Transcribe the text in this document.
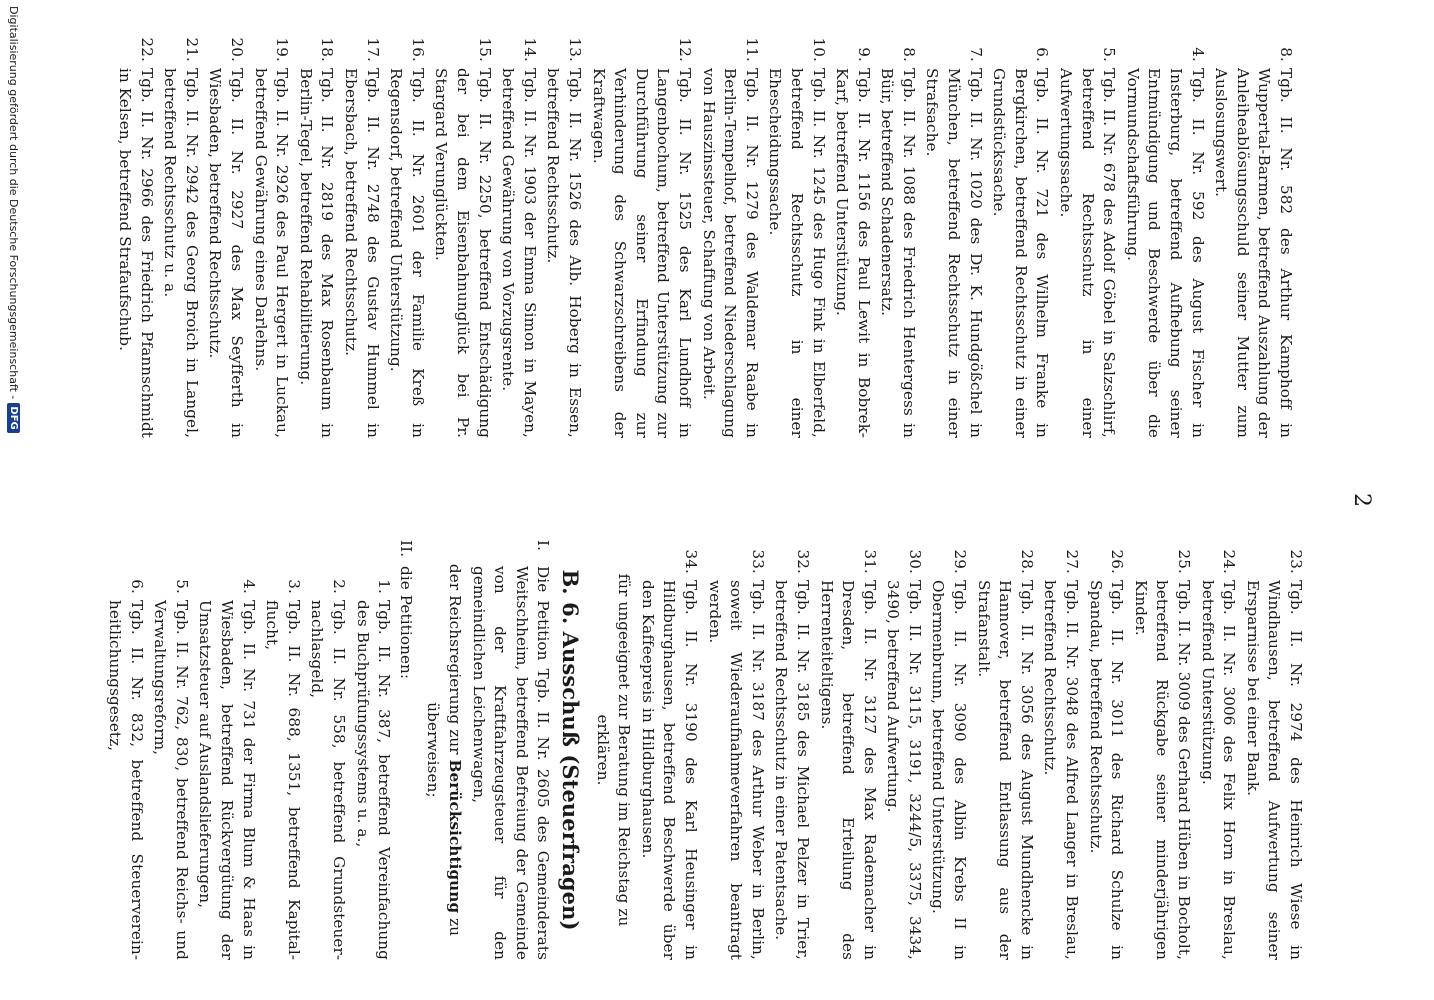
2
8.
Tgb. II. Nr. 582 des Arthur Kamphoff in Wuppertal-Barmen, betreffend Auszahlung der Anleiheablösungsschuld seiner Mutter zum Auslosungswert.
4.
Tgb. II. Nr. 592 des August Fischer in Insterburg, betreffend Aufhebung seiner Entmündigung und Beschwerde über die Vormundschaftsführung.
5.
Tgb. II. Nr. 678 des Adolf Göbel in Salzschlirf, betreffend Rechtsschutz in einer Aufwertungssache.
6.
Tgb. II. Nr. 721 des Wilhelm Franke in Bergkirchen, betreffend Rechtsschutz in einer Grundstückssache.
7.
Tgb. II. Nr. 1020 des Dr. K. Hundgößchel in München, betreffend Rechtsschutz in einer Strafsache.
8.
Tgb. II. Nr. 1088 des Friedrich Hentergess in Büir, betreffend Schadenersatz.
9.
Tgb. II. Nr. 1156 des Paul Lewit in Bobrek-Karf, betreffend Unterstützung.
10.
Tgb. II. Nr. 1245 des Hugo Fink in Elberfeld, betreffend Rechtsschutz in einer Ehescheidungssache.
11.
Tgb. II. Nr. 1279 des Waldemar Raabe in Berlin-Tempelhof, betreffend Niederschlagung von Hauszinssteuer, Schaffung von Arbeit.
12.
Tgb. II. Nr. 1525 des Karl Lundhoff in Langenbochum, betreffend Unterstützung zur Durchführung seiner Erfindung zur Verhinderung des Schwarzschreibens der Kraftwagen.
13.
Tgb. II. Nr. 1526 des Alb. Hoberg in Essen, betreffend Rechtsschutz.
14.
Tgb. II. Nr. 1903 der Emma Simon in Mayen, betreffend Gewährung von Vorzugsrente.
15.
Tgb. II. Nr. 2250, betreffend Entschädigung der bei dem Eisenbahnunglück bei Pr. Stargard Verunglückten.
16.
Tgb. II. Nr. 2601 der Familie Kreß in Regensdorf, betreffend Unterstützung.
17.
Tgb. II. Nr. 2748 des Gustav Hummel in Ebersbach, betreffend Rechtsschutz.
18.
Tgb. II. Nr. 2819 des Max Rosenbaum in Berlin-Tegel, betreffend Rehabilitierung.
19.
Tgb. II. Nr. 2926 des Paul Hergert in Luckau, betreffend Gewährung eines Darlehns.
20.
Tgb. II. Nr. 2927 des Max Seyfferth in Wiesbaden, betreffend Rechtsschutz.
21.
Tgb. II. Nr. 2942 des Georg Broich in Langel, betreffend Rechtsschutz u. a.
22.
Tgb. II. Nr. 2966 des Friedrich Pfannschmidt in Kelsen, betreffend Strafaufschub.
23.
Tgb. II. Nr. 2974 des Heinrich Wiese in Windhausen, betreffend Aufwertung seiner Ersparnisse bei einer Bank.
24.
Tgb. II. Nr. 3006 des Felix Horn in Breslau, betreffend Unterstützung.
25.
Tgb. II. Nr. 3009 des Gerhard Hüben in Bocholt, betreffend Rückgabe seiner minderjährigen Kinder.
26.
Tgb. II. Nr. 3011 des Richard Schulze in Spandau, betreffend Rechtsschutz.
27.
Tgb. II. Nr. 3048 des Alfred Langer in Breslau, betreffend Rechtsschutz.
28.
Tgb. II. Nr. 3056 des August Mundhencke in Hannover, betreffend Entlassung aus der Strafanstalt.
29.
Tgb. II. Nr. 3090 des Albin Krebs II in Obermenbrunn, betreffend Unterstützung.
30.
Tgb. II. Nr. 3115, 3191, 3244/5, 3375, 3434, 3490, betreffend Aufwertung.
31.
Tgb. II. Nr. 3127 des Max Rademacher in Dresden, betreffend Erteilung des Herrenteiteltigens.
32.
Tgb. II. Nr. 3185 des Michael Pelzer in Trier, betreffend Rechtsschutz in einer Patentsache.
33.
Tgb. II. Nr. 3187 des Arthur Weber in Berlin, soweit Wiederaufnahmeverfahren beantragt werden.
34.
Tgb. II. Nr. 3190 des Karl Heusinger in Hildburghausen, betreffend Beschwerde über den Kaffeepreis in Hildburghausen.
für ungeeignet zur Beratung im Reichstag zu erklären.
B. 6. Ausschuß (Steuerfragen)
I.
Die Petition Tgb. II. Nr. 2605 des Gemeinderats Weitschheim, betreffend Befreiung der Gemeinde von der Kraftfahrzeugsteuer für den gemeindlichen Leichenwagen,
der Reichsregierung zur Berücksichtigung zu überweisen;
II.
die Petitionen:
1.
Tgb. II. Nr. 387, betreffend Vereinfachung des Buchprüfungssystems u. a.,
2.
Tgb. II. Nr. 558, betreffend Grundsteuernachlasgeld,
3.
Tgb. II. Nr. 688, 1351, betreffend Kapitalflucht,
4.
Tgb. II. Nr. 731 der Firma Blum & Haas in Wiesbaden, betreffend Rückvergütung der Umsatzsteuer auf Auslandslieferungen,
5.
Tgb. II. Nr. 762, 830, betreffend Reichs- und Verwaltungsreform,
6.
Tgb. II. Nr. 832, betreffend Steuervereinheitlichungsgesetz,
Digitalisierung gefördert durch die Deutsche Forschungsgemeinschaft -
DFG
